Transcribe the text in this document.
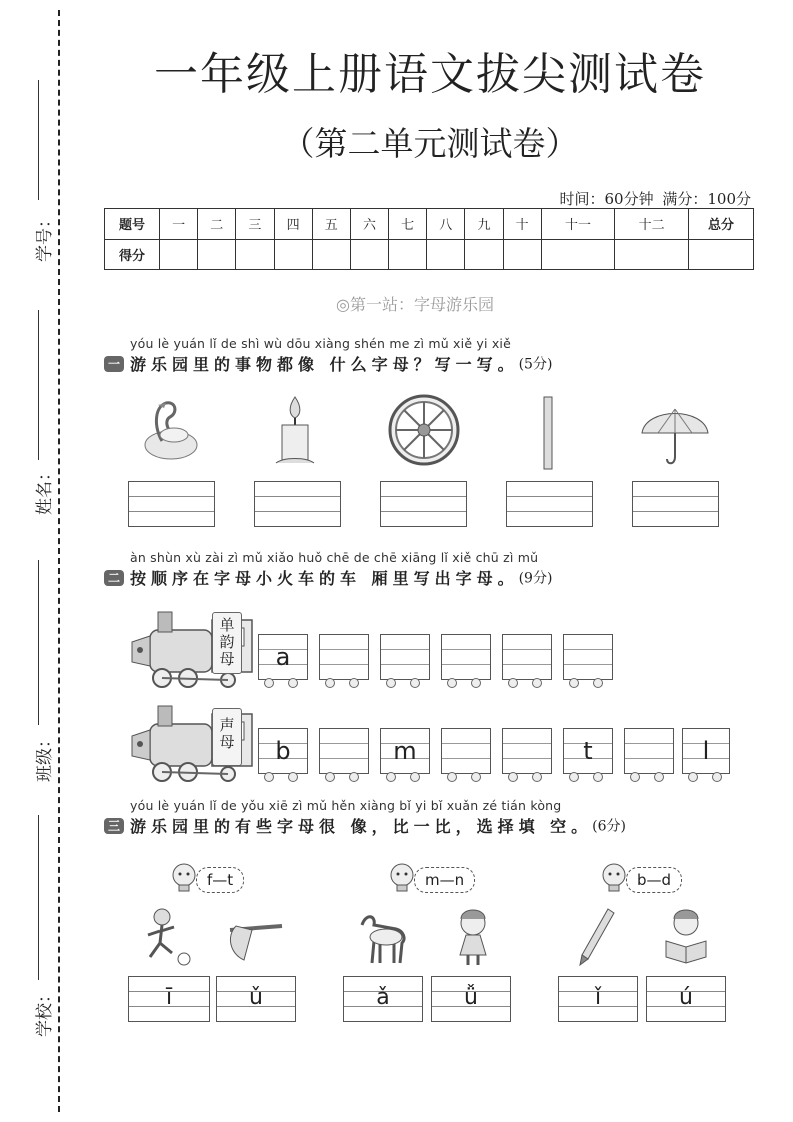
学号：
姓名：
班级：
学校：
一年级上册语文拔尖测试卷
（第二单元测试卷）
时间：60分钟 满分：100分
题号	一	二	三	四	五	六	七	八	九	十	十一	十二	总分
得分													
◎第一站：字母游乐园
yóu lè yuán lǐ de shì wù dōu xiàng shén me zì mǔ xiě yi xiě
一 游乐园里的事物都像 什么字母？写一写。(5分)
àn shùn xù zài zì mǔ xiǎo huǒ chē de chē xiāng lǐ xiě chū zì mǔ
二 按顺序在字母小火车的车 厢里写出字母。(9分)
单
韵
母	a
声
母	b	m	t	l
yóu lè yuán lǐ de yǒu xiē zì mǔ hěn xiàng bǐ yi bǐ xuǎn zé tián kòng
三 游乐园里的有些字母很 像，比一比，选择填 空。(6分)
f—t
ī	ǔ
m—n
ǎ	ǚ
b—d
ǐ	ú
